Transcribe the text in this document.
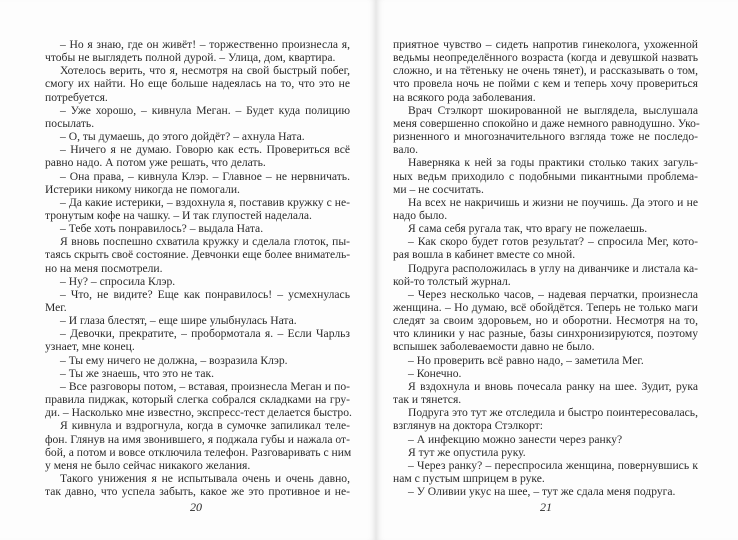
– Но я знаю, где он живёт! – торжественно произнесла я,
чтобы не выглядеть полной дурой. – Улица, дом, квартира.
Хотелось верить, что я, несмотря на свой быстрый побег,
смогу их найти. Но еще больше надеялась на то, что это не
потребуется.
– Уже хорошо, – кивнула Меган. – Будет куда полицию
посылать.
– О, ты думаешь, до этого дойдёт? – ахнула Ната.
– Ничего я не думаю. Говорю как есть. Провериться всё
равно надо. А потом уже решать, что делать.
– Она права, – кивнула Клэр. – Главное – не нервничать.
Истерики никому никогда не помогали.
– Да какие истерики, – вздохнула я, поставив кружку с не-
тронутым кофе на чашку. – И так глупостей наделала.
– Тебе хоть понравилось? – выдала Ната.
Я вновь поспешно схватила кружку и сделала глоток, пы-
таясь скрыть своё состояние. Девчонки еще более вниматель-
но на меня посмотрели.
– Ну? – спросила Клэр.
– Что, не видите? Еще как понравилось! – усмехнулась
Мег.
– И глаза блестят, – еще шире улыбнулась Ната.
– Девочки, прекратите, – пробормотала я. – Если Чарльз
узнает, мне конец.
– Ты ему ничего не должна, – возразила Клэр.
– Ты же знаешь, что это не так.
– Все разговоры потом, – вставая, произнесла Меган и по-
правила пиджак, который слегка собрался складками на гру-
ди. – Насколько мне известно, экспресс-тест делается быстро.
Я кивнула и вздрогнула, когда в сумочке запиликал теле-
фон. Глянув на имя звонившего, я поджала губы и нажала от-
бой, а потом и вовсе отключила телефон. Разговаривать с ним
у меня не было сейчас никакого желания.
Такого унижения я не испытывала очень и очень давно,
так давно, что успела забыть, какое же это противное и не-
20
приятное чувство – сидеть напротив гинеколога, ухоженной
ведьмы неопределённого возраста (когда и девушкой назвать
сложно, и на тётеньку не очень тянет), и рассказывать о том,
что провела ночь не пойми с кем и теперь хочу провериться
на всякого рода заболевания.
Врач Стэлкорт шокированной не выглядела, выслушала
меня совершенно спокойно и даже немного равнодушно. Уко-
ризненного и многозначительного взгляда тоже не последо-
вало.
Наверняка к ней за годы практики столько таких загуль-
ных ведьм приходило с подобными пикантными проблема-
ми – не сосчитать.
На всех не накричишь и жизни не поучишь. Да этого и не
надо было.
Я сама себя ругала так, что врагу не пожелаешь.
– Как скоро будет готов результат? – спросила Мег, кото-
рая вошла в кабинет вместе со мной.
Подруга расположилась в углу на диванчике и листала ка-
кой-то толстый журнал.
– Через несколько часов, – надевая перчатки, произнесла
женщина. – Но думаю, всё обойдётся. Теперь не только маги
следят за своим здоровьем, но и оборотни. Несмотря на то,
что клиники у нас разные, базы синхронизируются, поэтому
вспышек заболеваемости давно не было.
– Но проверить всё равно надо, – заметила Мег.
– Конечно.
Я вздохнула и вновь почесала ранку на шее. Зудит, рука
так и тянется.
Подруга это тут же отследила и быстро поинтересовалась,
взглянув на доктора Стэлкорт:
– А инфекцию можно занести через ранку?
Я тут же опустила руку.
– Через ранку? – переспросила женщина, повернувшись к
нам с пустым шприцем в руке.
– У Оливии укус на шее, – тут же сдала меня подруга.
21
